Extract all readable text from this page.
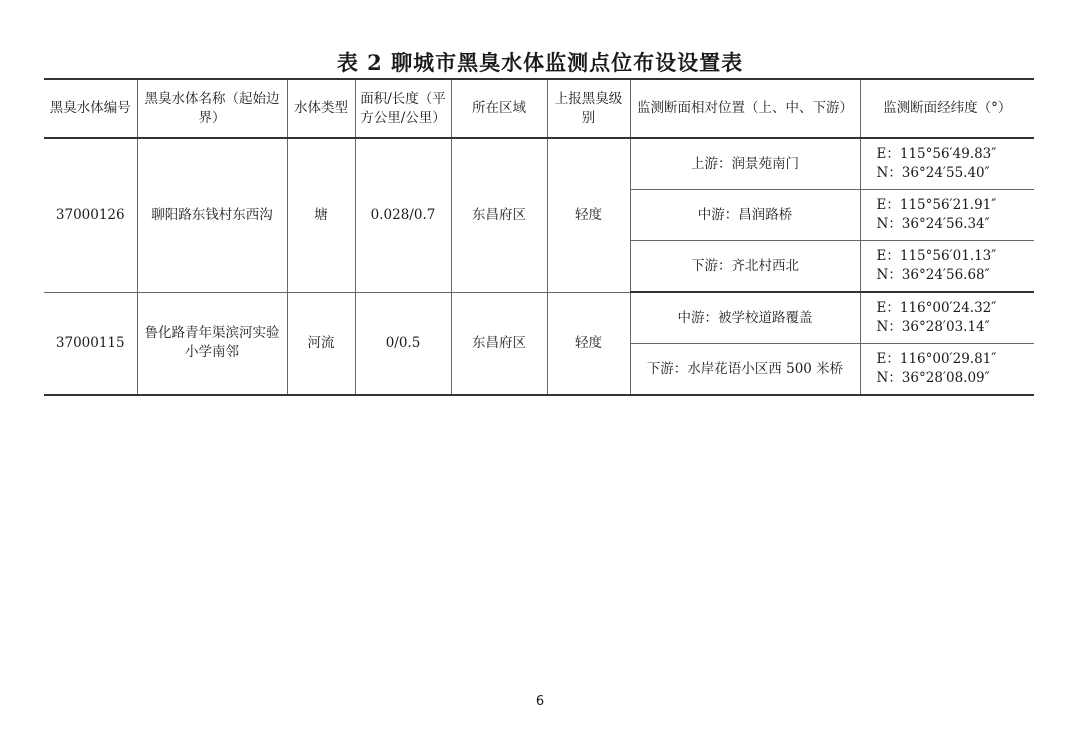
表 2 聊城市黑臭水体监测点位布设设置表
黑臭水体编号	黑臭水体名称（起始边界）	水体类型	面积/长度（平方公里/公里）	所在区域	上报黑臭级别	监测断面相对位置（上、中、下游）	监测断面经纬度（°）
37000126	聊阳路东钱村东西沟	塘	0.028/0.7	东昌府区	轻度	上游：润景苑南门	E：115°56′49.83″
N：36°24′55.40″

						中游：昌润路桥	E：115°56′21.91″
N：36°24′56.34″

						下游：齐北村西北	E：115°56′01.13″
N：36°24′56.68″

37000115	鲁化路青年渠滨河实验小学南邻	河流	0/0.5	东昌府区	轻度	中游：被学校道路覆盖	E：116°00′24.32″
N：36°28′03.14″

						下游：水岸花语小区西 500 米桥	E：116°00′29.81″
N：36°28′08.09″
6
